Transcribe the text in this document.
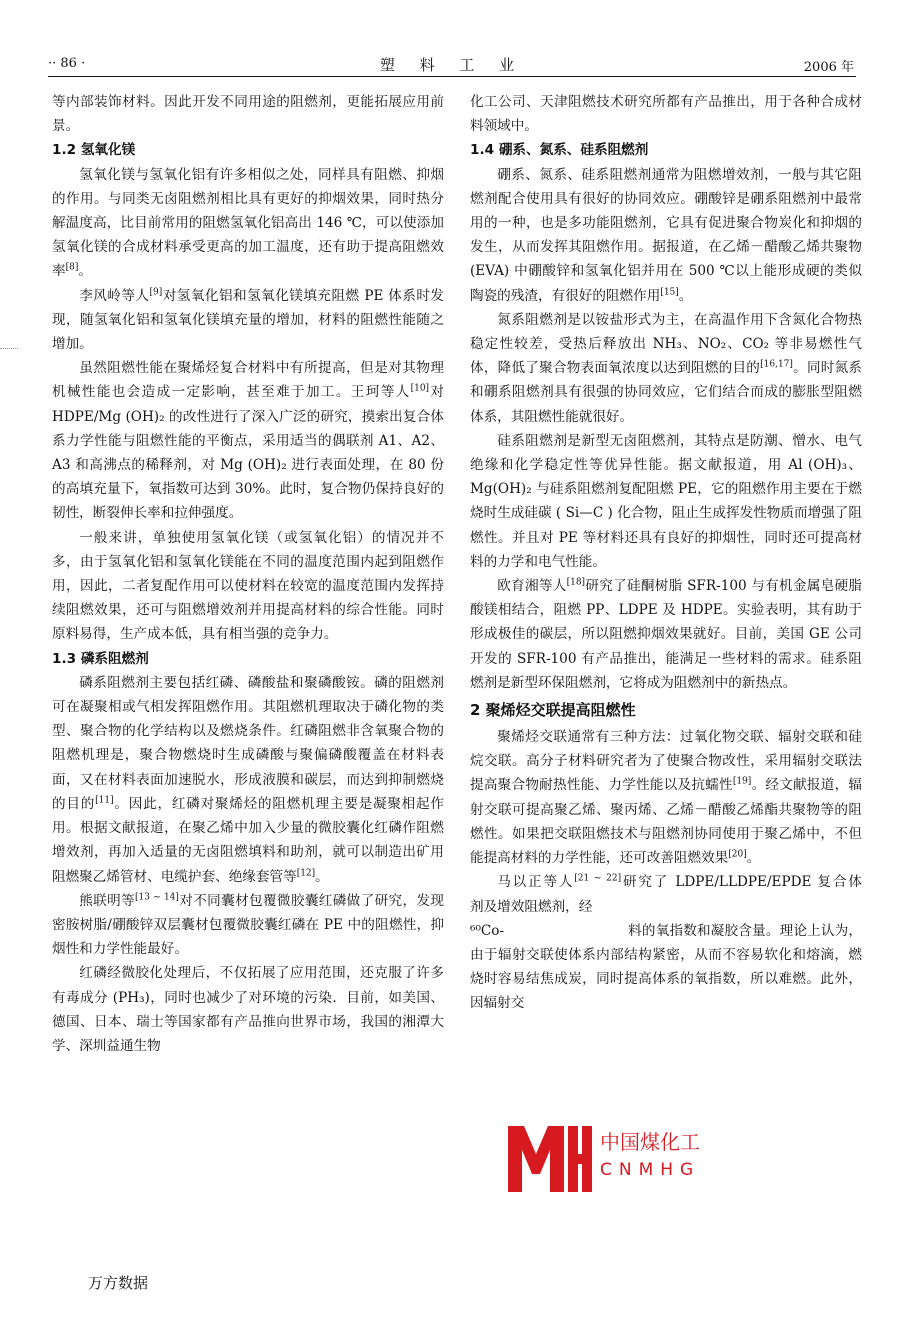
·· 86 ·	塑 料 工 业	2006 年

等内部装饰材料。因此开发不同用途的阻燃剂，更能拓展应用前景。

1.2 氢氧化镁

氢氧化镁与氢氧化铝有许多相似之处，同样具有阻燃、抑烟的作用。与同类无卤阻燃剂相比具有更好的抑烟效果，同时热分解温度高，比目前常用的阻燃氢氧化铝高出 146 ℃，可以使添加氢氧化镁的合成材料承受更高的加工温度，还有助于提高阻燃效率[8]。

李风岭等人[9]对氢氧化铝和氢氧化镁填充阻燃 PE 体系时发现，随氢氧化铝和氢氧化镁填充量的增加，材料的阻燃性能随之增加。

虽然阻燃性能在聚烯烃复合材料中有所提高，但是对其物理机械性能也会造成一定影响，甚至难于加工。王珂等人[10]对 HDPE/Mg (OH)₂ 的改性进行了深入广泛的研究，摸索出复合体系力学性能与阻燃性能的平衡点，采用适当的偶联剂 A1、A2、A3 和高沸点的稀释剂，对 Mg (OH)₂ 进行表面处理，在 80 份的高填充量下，氧指数可达到 30%。此时，复合物仍保持良好的韧性，断裂伸长率和拉伸强度。

一般来讲，单独使用氢氧化镁（或氢氧化铝）的情况并不多，由于氢氧化铝和氢氧化镁能在不同的温度范围内起到阻燃作用，因此，二者复配作用可以使材料在较宽的温度范围内发挥持续阻燃效果，还可与阻燃增效剂并用提高材料的综合性能。同时原料易得，生产成本低，具有相当强的竞争力。

1.3 磷系阻燃剂

磷系阻燃剂主要包括红磷、磷酸盐和聚磷酸铵。磷的阻燃剂可在凝聚相或气相发挥阻燃作用。其阻燃机理取决于磷化物的类型、聚合物的化学结构以及燃烧条件。红磷阻燃非含氧聚合物的阻燃机理是，聚合物燃烧时生成磷酸与聚偏磷酸覆盖在材料表面，又在材料表面加速脱水，形成液膜和碳层，而达到抑制燃烧的目的[11]。因此，红磷对聚烯烃的阻燃机理主要是凝聚相起作用。根据文献报道，在聚乙烯中加入少量的微胶囊化红磷作阻燃增效剂，再加入适量的无卤阻燃填料和助剂，就可以制造出矿用阻燃聚乙烯管材、电缆护套、绝缘套管等[12]。

熊联明等[13 ~ 14]对不同囊材包覆微胶囊红磷做了研究，发现密胺树脂/硼酸锌双层囊材包覆微胶囊红磷在 PE 中的阻燃性，抑烟性和力学性能最好。

红磷经微胶化处理后，不仅拓展了应用范围，还克服了许多有毒成分 (PH₃)，同时也减少了对环境的污染．目前，如美国、德国、日本、瑞士等国家都有产品推向世界市场，我国的湘潭大学、深圳益通生物

化工公司、天津阻燃技术研究所都有产品推出，用于各种合成材料领域中。

1.4 硼系、氮系、硅系阻燃剂

硼系、氮系、硅系阻燃剂通常为阻燃增效剂，一般与其它阻燃剂配合使用具有很好的协同效应。硼酸锌是硼系阻燃剂中最常用的一种，也是多功能阻燃剂，它具有促进聚合物炭化和抑烟的发生，从而发挥其阻燃作用。据报道，在乙烯－醋酸乙烯共聚物 (EVA) 中硼酸锌和氢氧化铝并用在 500 ℃以上能形成硬的类似陶瓷的残渣，有很好的阻燃作用[15]。

氮系阻燃剂是以铵盐形式为主，在高温作用下含氮化合物热稳定性较差，受热后释放出 NH₃、NO₂、CO₂ 等非易燃性气体，降低了聚合物表面氧浓度以达到阻燃的目的[16,17]。同时氮系和硼系阻燃剂具有很强的协同效应，它们结合而成的膨胀型阻燃体系，其阻燃性能就很好。

硅系阻燃剂是新型无卤阻燃剂，其特点是防潮、憎水、电气绝缘和化学稳定性等优异性能。据文献报道，用 Al (OH)₃、Mg(OH)₂ 与硅系阻燃剂复配阻燃 PE，它的阻燃作用主要在于燃烧时生成硅碳 ( Si—C ) 化合物，阻止生成挥发性物质而增强了阻燃性。并且对 PE 等材料还具有良好的抑烟性，同时还可提高材料的力学和电气性能。

欧育湘等人[18]研究了硅酮树脂 SFR-100 与有机金属皂硬脂酸镁相结合，阻燃 PP、LDPE 及 HDPE。实验表明，其有助于形成极佳的碳层，所以阻燃抑烟效果就好。目前，美国 GE 公司开发的 SFR-100 有产品推出，能满足一些材料的需求。硅系阻燃剂是新型环保阻燃剂，它将成为阻燃剂中的新热点。

2 聚烯烃交联提高阻燃性

聚烯烃交联通常有三种方法：过氧化物交联、辐射交联和硅烷交联。高分子材料研究者为了使聚合物改性，采用辐射交联法提高聚合物耐热性能、力学性能以及抗蠕性[19]。经文献报道，辐射交联可提高聚乙烯、聚丙烯、乙烯－醋酸乙烯酯共聚物等的阻燃性。如果把交联阻燃技术与阻燃剂协同使用于聚乙烯中，不但能提高材料的力学性能，还可改善阻燃效果[20]。

马以正等人[21 ~ 22]研究了 LDPE/LLDPE/EPDE 复合体　　　　　　　剂及增效阻燃剂，经
⁶⁰Co-　　　　　　　　　	料的氧指数和凝胶含量。理论上认为，由于辐射交联使体系内部结构紧密，从而不容易软化和熔滴，燃烧时容易结焦成炭，同时提高体系的氧指数，所以难燃。此外，因辐射交

中国煤化工
CNMHG
万方数据
